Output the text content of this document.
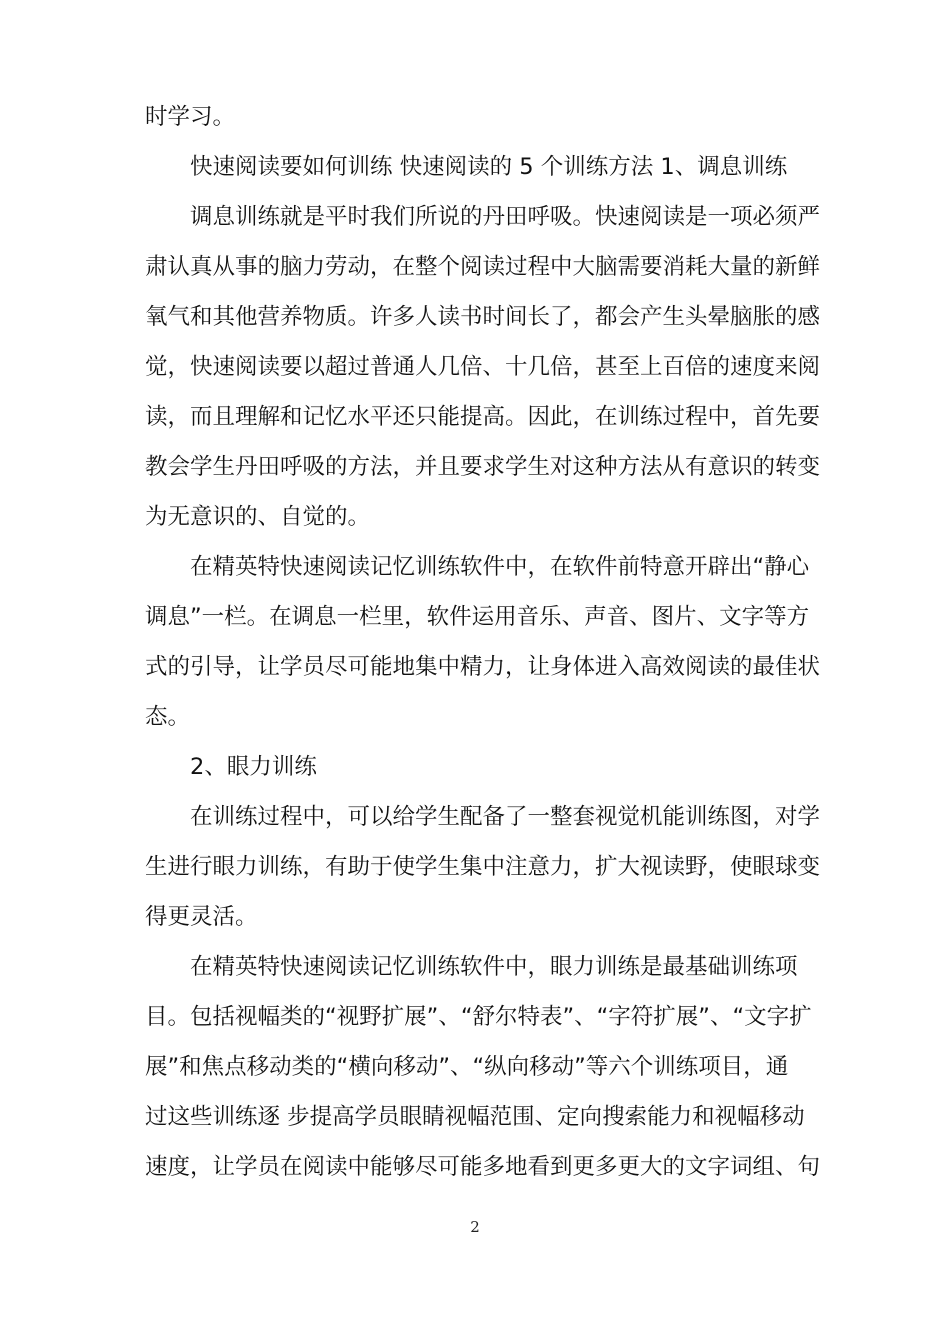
时学习。
快速阅读要如何训练 快速阅读的 5 个训练方法 1、调息训练
调息训练就是平时我们所说的丹田呼吸。快速阅读是一项必须严
肃认真从事的脑力劳动，在整个阅读过程中大脑需要消耗大量的新鲜
氧气和其他营养物质。许多人读书时间长了，都会产生头晕脑胀的感
觉，快速阅读要以超过普通人几倍、十几倍，甚至上百倍的速度来阅
读，而且理解和记忆水平还只能提高。因此，在训练过程中，首先要
教会学生丹田呼吸的方法，并且要求学生对这种方法从有意识的转变
为无意识的、自觉的。
在精英特快速阅读记忆训练软件中，在软件前特意开辟出“静心
调息”一栏。在调息一栏里，软件运用音乐、声音、图片、文字等方
式的引导，让学员尽可能地集中精力，让身体进入高效阅读的最佳状
态。
2、眼力训练
在训练过程中，可以给学生配备了一整套视觉机能训练图，对学
生进行眼力训练，有助于使学生集中注意力，扩大视读野，使眼球变
得更灵活。
在精英特快速阅读记忆训练软件中，眼力训练是最基础训练项
目。包括视幅类的“视野扩展”、“舒尔特表”、“字符扩展”、“文字扩
展”和焦点移动类的“横向移动”、“纵向移动”等六个训练项目，通
过这些训练逐 步提高学员眼睛视幅范围、定向搜索能力和视幅移动
速度，让学员在阅读中能够尽可能多地看到更多更大的文字词组、句
2
